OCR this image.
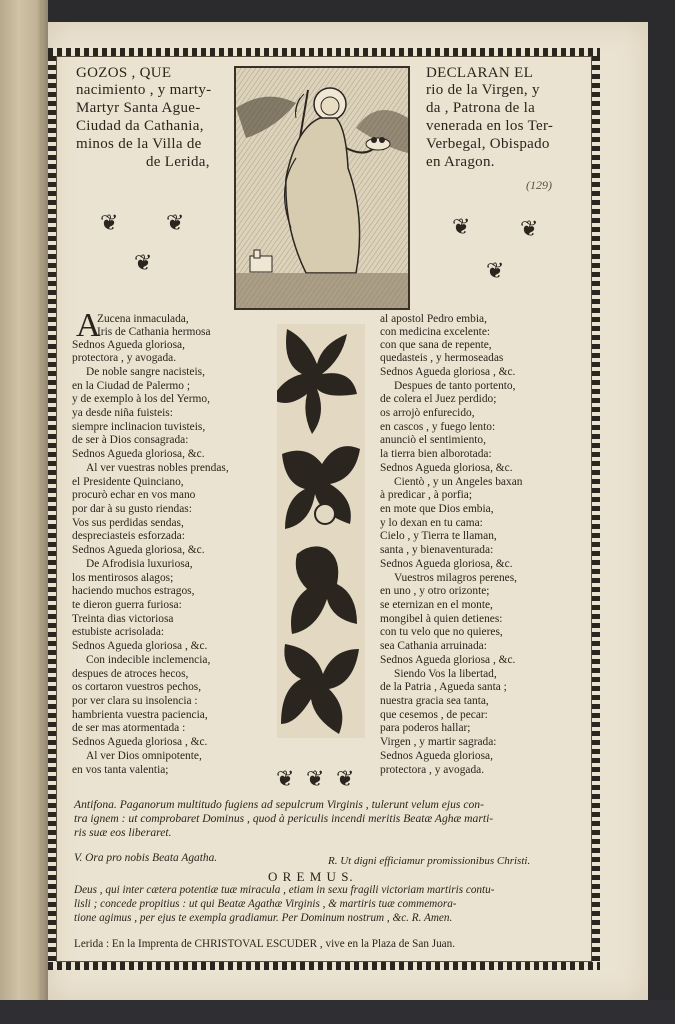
GOZOS , QUE
nacimiento , y marty-
Martyr Santa Ague-
Ciudad da Cathania,
minos de la Villa de
de Lerida,
DECLARAN EL
rio de la Virgen, y
da , Patrona de la
venerada en los Ter-
Verbegal, Obispado
en Aragon.
(129)
❦ ❦
❦
❦ ❦
❦
❦ ❦ ❦
A
Zucena inmaculada,
Iris de Cathania hermosa
Sednos Agueda gloriosa,
protectora , y avogada.
De noble sangre nacisteis,
en la Ciudad de Palermo ;
y de exemplo à los del Yermo,
ya desde niña fuisteis:
siempre inclinacion tuvisteis,
de ser à Dios consagrada:
Sednos Agueda gloriosa, &c.
Al ver vuestras nobles prendas,
el Presidente Quinciano,
procurò echar en vos mano
por dar à su gusto riendas:
Vos sus perdidas sendas,
despreciasteis esforzada:
Sednos Agueda gloriosa, &c.
De Afrodisia luxuriosa,
los mentirosos alagos;
haciendo muchos estragos,
te dieron guerra furiosa:
Treinta dias victoriosa
estubiste acrisolada:
Sednos Agueda gloriosa , &c.
Con indecible inclemencia,
despues de atroces hecos,
os cortaron vuestros pechos,
por ver clara su insolencia :
hambrienta vuestra paciencia,
de ser mas atormentada :
Sednos Agueda gloriosa , &c.
Al ver Dios omnipotente,
en vos tanta valentia;
al apostol Pedro embia,
con medicina excelente:
con que sana de repente,
quedasteis , y hermoseadas
Sednos Agueda gloriosa , &c.
Despues de tanto portento,
de colera el Juez perdido;
os arrojò enfurecido,
en cascos , y fuego lento:
anunciò el sentimiento,
la tierra bien alborotada:
Sednos Agueda gloriosa, &c.
Cientò , y un Angeles baxan
à predicar , à porfia;
en mote que Dios embia,
y lo dexan en tu cama:
Cielo , y Tierra te llaman,
santa , y bienaventurada:
Sednos Agueda gloriosa, &c.
Vuestros milagros perenes,
en uno , y otro orizonte;
se eternizan en el monte,
mongibel à quien detienes:
con tu velo que no quieres,
sea Cathania arruinada:
Sednos Agueda gloriosa , &c.
Siendo Vos la libertad,
de la Patria , Agueda santa ;
nuestra gracia sea tanta,
que cesemos , de pecar:
para poderos hallar;
Virgen , y martir sagrada:
Sednos Agueda gloriosa,
protectora , y avogada.
Antifona. Paganorum multitudo fugiens ad sepulcrum Virginis , tulerunt velum ejus con-
tra ignem : ut comprobaret Dominus , quod à periculis incendi meritis Beatæ Aghæ marti-
ris suæ eos liberaret.
V. Ora pro nobis Beata Agatha.	R. Ut digni efficiamur promissionibus Christi.
O R E M U S.
Deus , qui inter cætera potentiæ tuæ miracula , etiam in sexu fragili victoriam martiris contu-
lisli ; concede propitius : ut qui Beatæ Agathæ Virginis , & martiris tuæ commemora-
tione agimus , per ejus te exempla gradiamur. Per Dominum nostrum , &c. R. Amen.
Lerida : En la Imprenta de CHRISTOVAL ESCUDER , vive en la Plaza de San Juan.
